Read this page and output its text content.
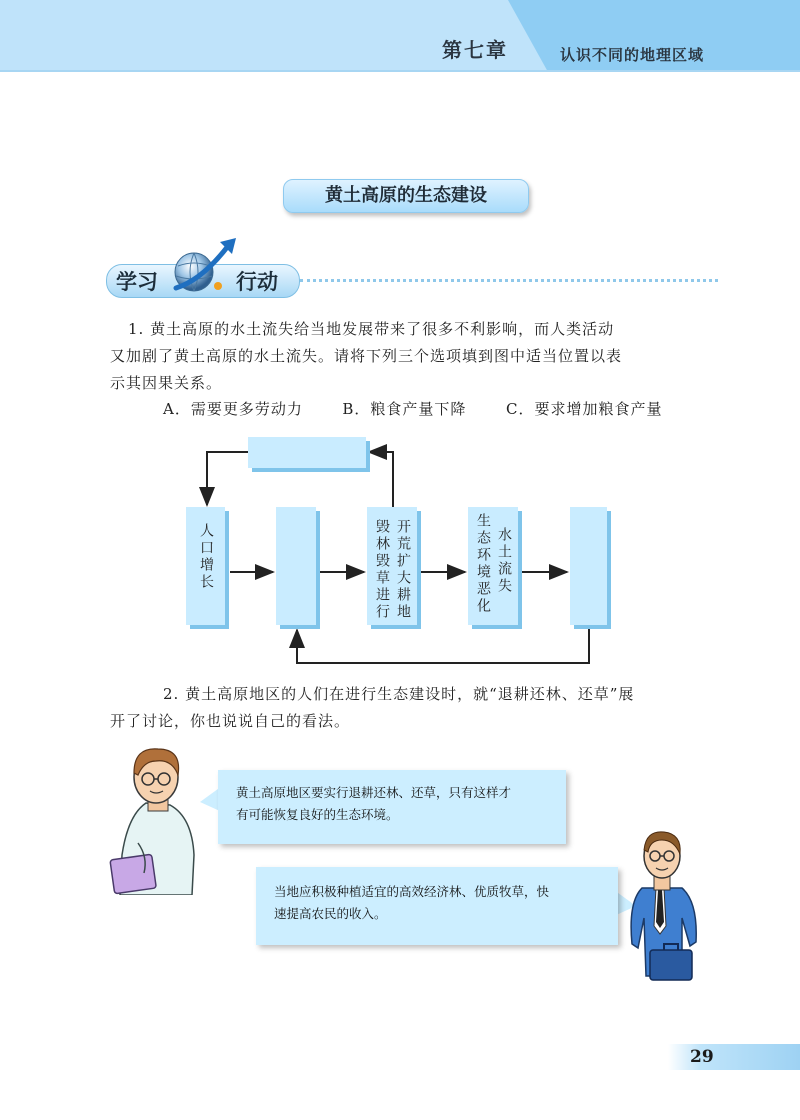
第七章	认识不同的地理区域
黄土高原的生态建设
学习	行动
1. 黄土高原的水土流失给当地发展带来了很多不利影响，而人类活动
又加剧了黄土高原的水土流失。请将下列三个选项填到图中适当位置以表
示其因果关系。
A．需要更多劳动力	B．粮食产量下降	C．要求增加粮食产量
人口增长	开荒扩大耕地
毁林毁草进行	水土流失
生态环境恶化
2. 黄土高原地区的人们在进行生态建设时，就“退耕还林、还草”展
开了讨论，你也说说自己的看法。
黄土高原地区要实行退耕还林、还草，只有这样才
有可能恢复良好的生态环境。
当地应积极种植适宜的高效经济林、优质牧草，快
速提高农民的收入。
29
